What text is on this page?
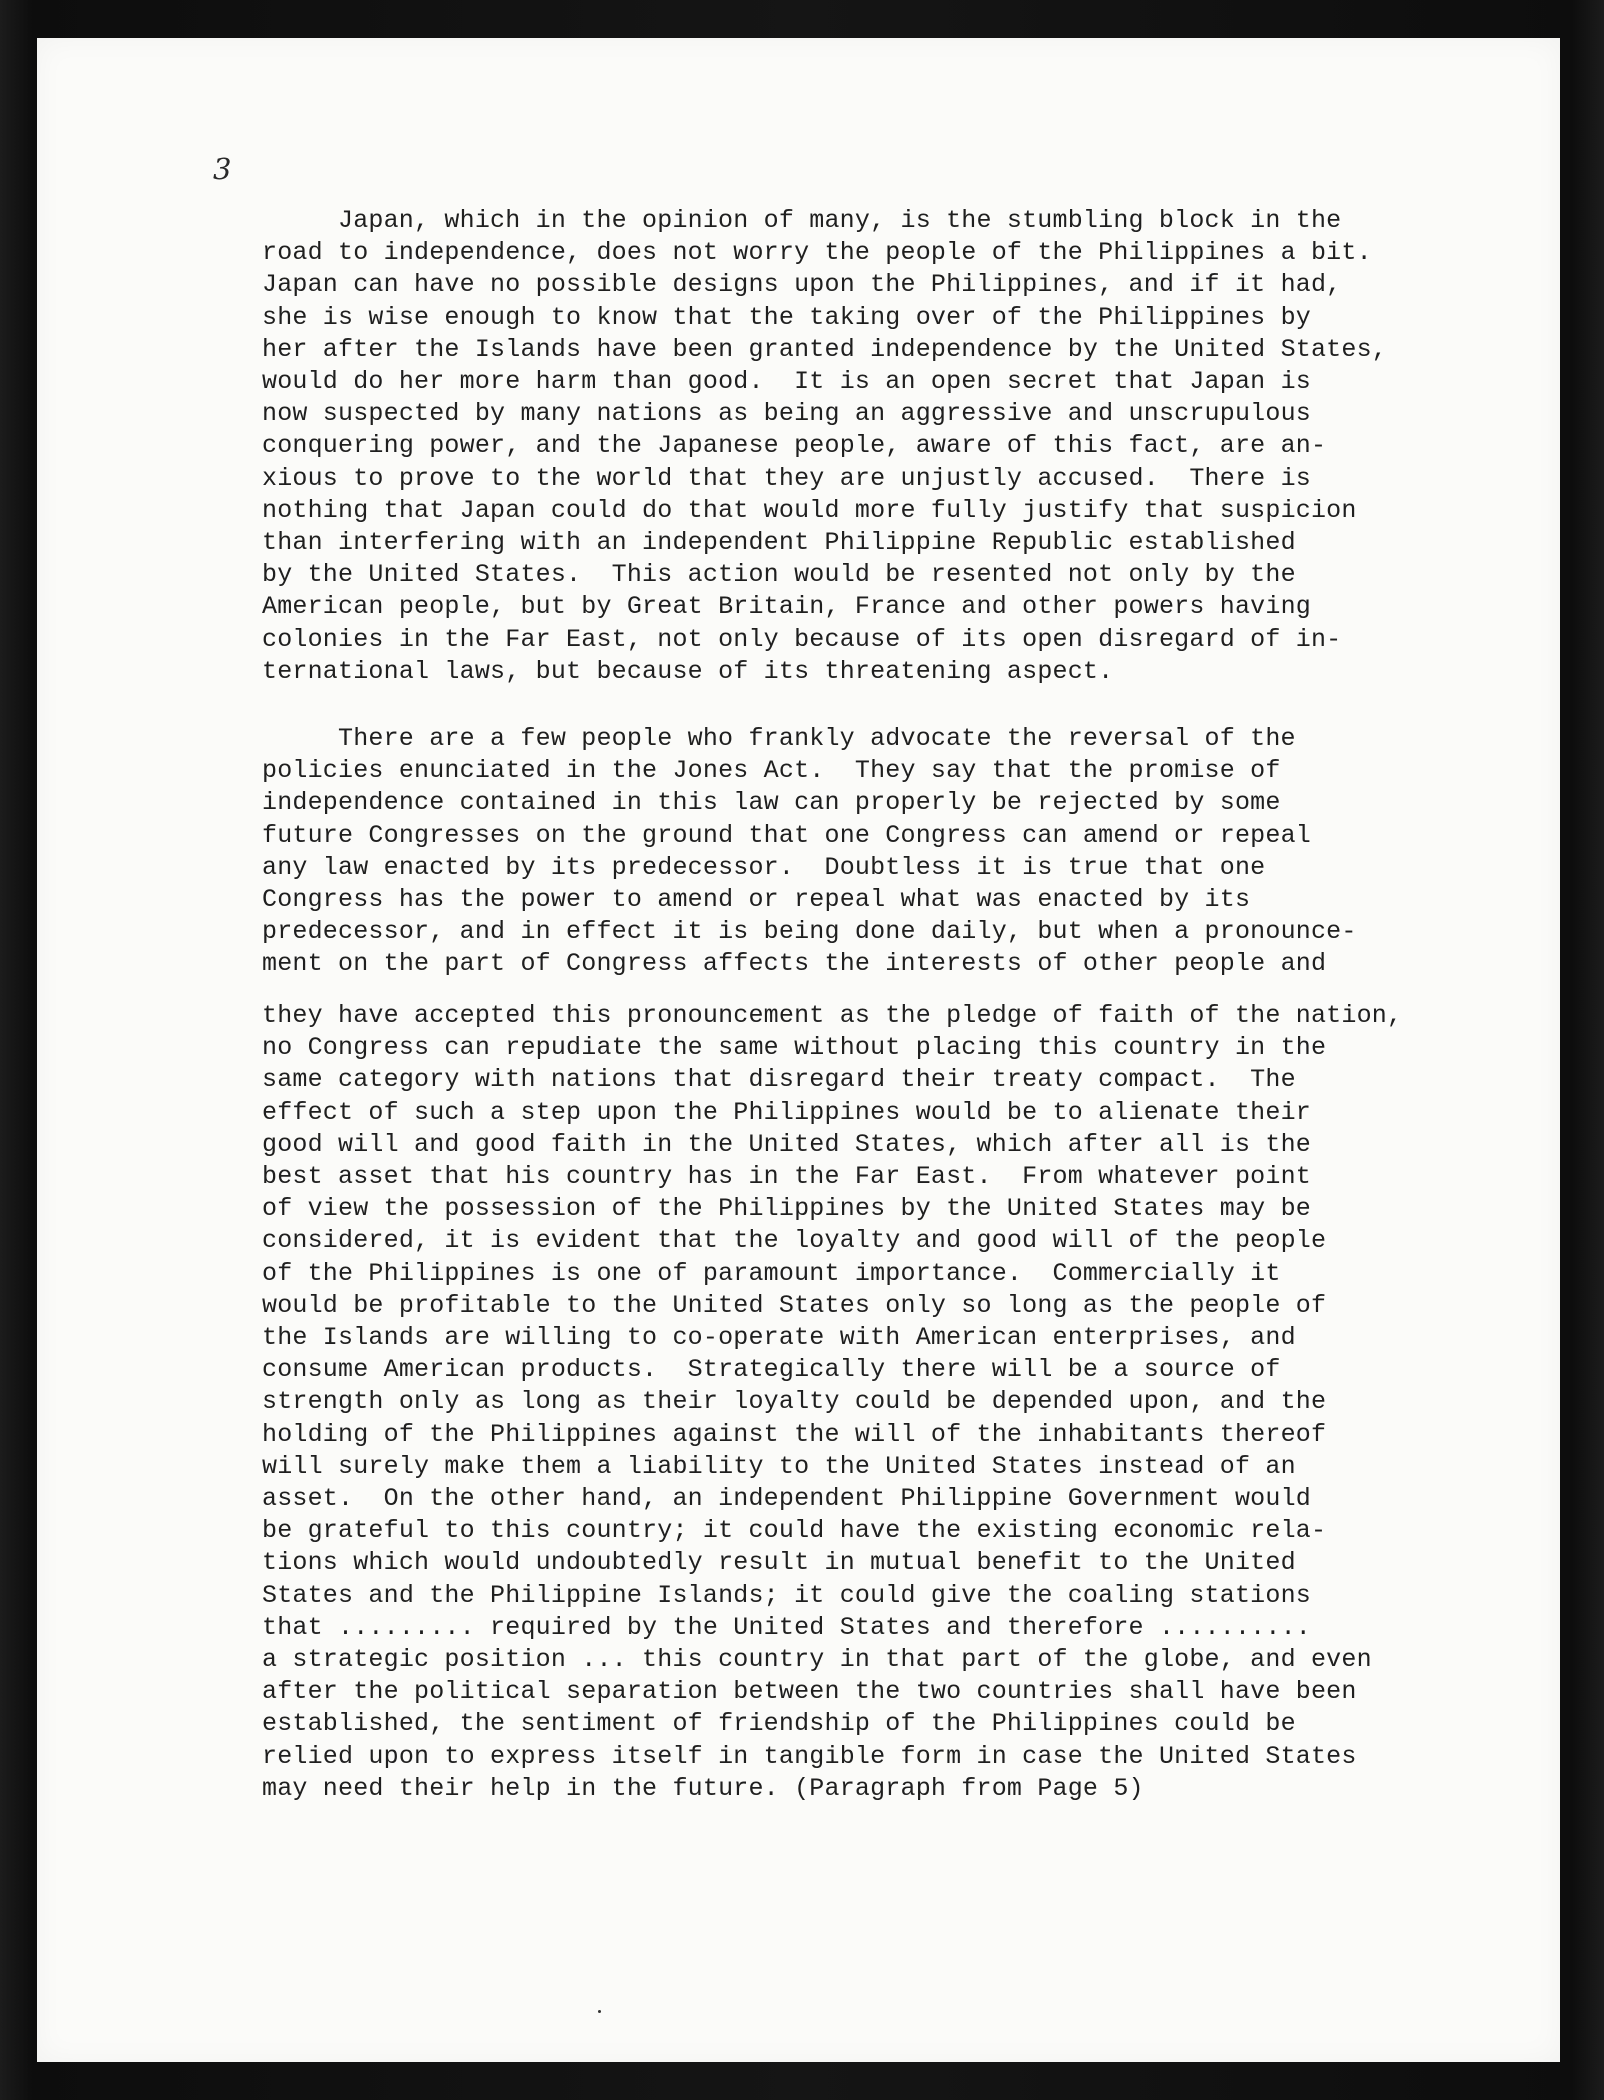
3
Japan, which in the opinion of many, is the stumbling block in the
road to independence, does not worry the people of the Philippines a bit.
Japan can have no possible designs upon the Philippines, and if it had,
she is wise enough to know that the taking over of the Philippines by
her after the Islands have been granted independence by the United States,
would do her more harm than good.  It is an open secret that Japan is
now suspected by many nations as being an aggressive and unscrupulous
conquering power, and the Japanese people, aware of this fact, are an-
xious to prove to the world that they are unjustly accused.  There is
nothing that Japan could do that would more fully justify that suspicion
than interfering with an independent Philippine Republic established
by the United States.  This action would be resented not only by the
American people, but by Great Britain, France and other powers having
colonies in the Far East, not only because of its open disregard of in-
ternational laws, but because of its threatening aspect.
There are a few people who frankly advocate the reversal of the
policies enunciated in the Jones Act.  They say that the promise of
independence contained in this law can properly be rejected by some
future Congresses on the ground that one Congress can amend or repeal
any law enacted by its predecessor.  Doubtless it is true that one
Congress has the power to amend or repeal what was enacted by its
predecessor, and in effect it is being done daily, but when a pronounce-
ment on the part of Congress affects the interests of other people and
they have accepted this pronouncement as the pledge of faith of the nation,
no Congress can repudiate the same without placing this country in the
same category with nations that disregard their treaty compact.  The
effect of such a step upon the Philippines would be to alienate their
good will and good faith in the United States, which after all is the
best asset that his country has in the Far East.  From whatever point
of view the possession of the Philippines by the United States may be
considered, it is evident that the loyalty and good will of the people
of the Philippines is one of paramount importance.  Commercially it
would be profitable to the United States only so long as the people of
the Islands are willing to co-operate with American enterprises, and
consume American products.  Strategically there will be a source of
strength only as long as their loyalty could be depended upon, and the
holding of the Philippines against the will of the inhabitants thereof
will surely make them a liability to the United States instead of an
asset.  On the other hand, an independent Philippine Government would
be grateful to this country; it could have the existing economic rela-
tions which would undoubtedly result in mutual benefit to the United
States and the Philippine Islands; it could give the coaling stations
that ......... required by the United States and therefore ..........
a strategic position ... this country in that part of the globe, and even
after the political separation between the two countries shall have been
established, the sentiment of friendship of the Philippines could be
relied upon to express itself in tangible form in case the United States
may need their help in the future. (Paragraph from Page 5)
